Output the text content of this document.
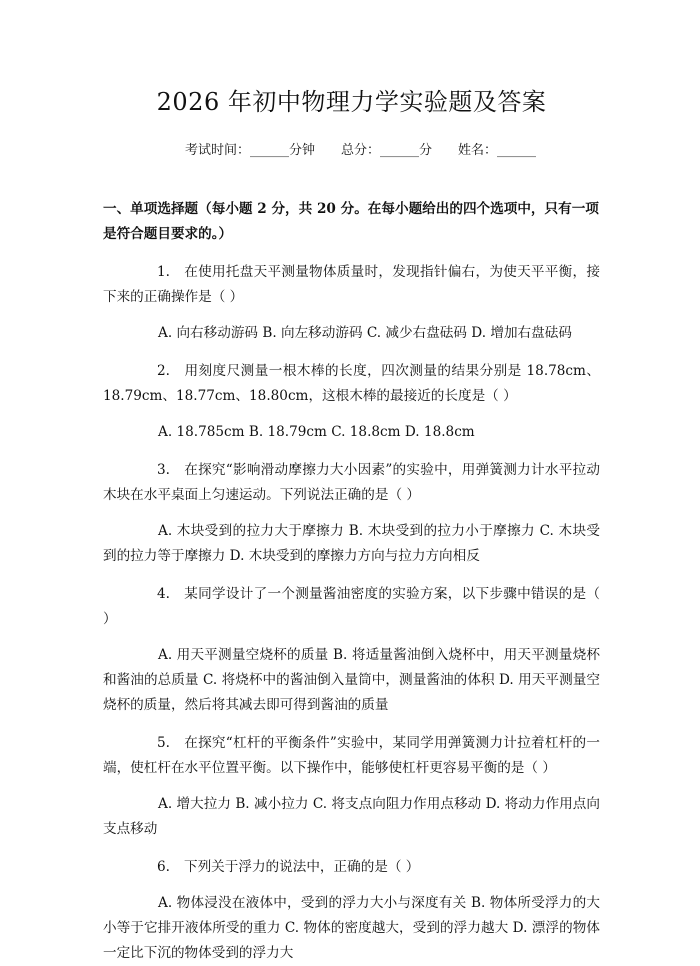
2026 年初中物理力学实验题及答案
考试时间：______分钟 总分：______分 姓名：______
一、单项选择题（每小题 2 分，共 20 分。在每小题给出的四个选项中，只有一项是符合题目要求的。）
1. 在使用托盘天平测量物体质量时，发现指针偏右，为使天平平衡，接下来的正确操作是（ ）
A. 向右移动游码 B. 向左移动游码 C. 减少右盘砝码 D. 增加右盘砝码
2. 用刻度尺测量一根木棒的长度，四次测量的结果分别是 18.78cm、18.79cm、18.77cm、18.80cm，这根木棒的最接近的长度是（ ）
A. 18.785cm B. 18.79cm C. 18.8cm D. 18.8cm
3. 在探究“影响滑动摩擦力大小因素”的实验中，用弹簧测力计水平拉动木块在水平桌面上匀速运动。下列说法正确的是（ ）
A. 木块受到的拉力大于摩擦力 B. 木块受到的拉力小于摩擦力 C. 木块受到的拉力等于摩擦力 D. 木块受到的摩擦力方向与拉力方向相反
4. 某同学设计了一个测量酱油密度的实验方案，以下步骤中错误的是（ ）
A. 用天平测量空烧杯的质量 B. 将适量酱油倒入烧杯中，用天平测量烧杯和酱油的总质量 C. 将烧杯中的酱油倒入量筒中，测量酱油的体积 D. 用天平测量空烧杯的质量，然后将其减去即可得到酱油的质量
5. 在探究“杠杆的平衡条件”实验中，某同学用弹簧测力计拉着杠杆的一端，使杠杆在水平位置平衡。以下操作中，能够使杠杆更容易平衡的是（ ）
A. 增大拉力 B. 减小拉力 C. 将支点向阻力作用点移动 D. 将动力作用点向支点移动
6. 下列关于浮力的说法中，正确的是（ ）
A. 物体浸没在液体中，受到的浮力大小与深度有关 B. 物体所受浮力的大小等于它排开液体所受的重力 C. 物体的密度越大，受到的浮力越大 D. 漂浮的物体一定比下沉的物体受到的浮力大
